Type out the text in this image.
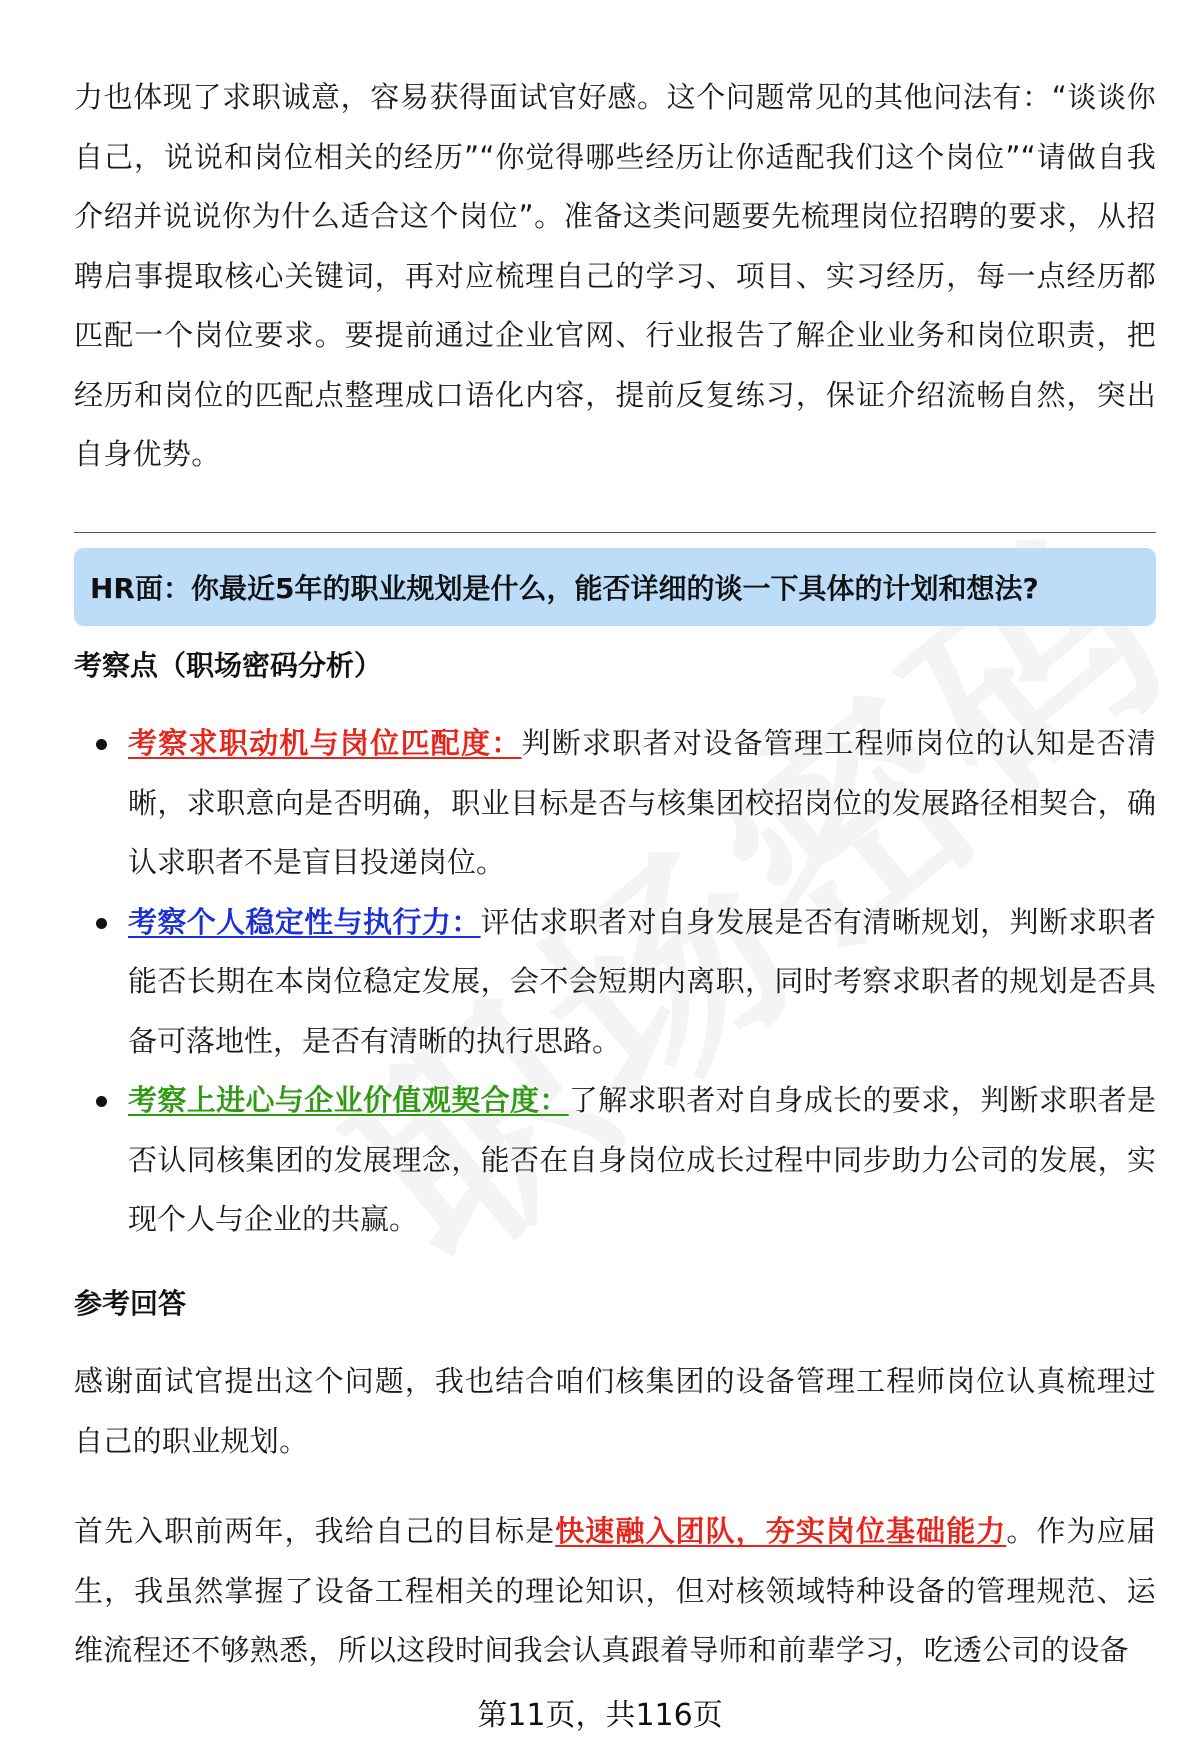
力也体现了求职诚意，容易获得面试官好感。这个问题常见的其他问法有：“谈谈你自己，说说和岗位相关的经历”“你觉得哪些经历让你适配我们这个岗位”“请做自我介绍并说说你为什么适合这个岗位”。准备这类问题要先梳理岗位招聘的要求，从招聘启事提取核心关键词，再对应梳理自己的学习、项目、实习经历，每一点经历都匹配一个岗位要求。要提前通过企业官网、行业报告了解企业业务和岗位职责，把经历和岗位的匹配点整理成口语化内容，提前反复练习，保证介绍流畅自然，突出自身优势。

HR面：你最近5年的职业规划是什么，能否详细的谈一下具体的计划和想法?

考察点（职场密码分析）

考察求职动机与岗位匹配度：判断求职者对设备管理工程师岗位的认知是否清晰，求职意向是否明确，职业目标是否与核集团校招岗位的发展路径相契合，确认求职者不是盲目投递岗位。
考察个人稳定性与执行力：评估求职者对自身发展是否有清晰规划，判断求职者能否长期在本岗位稳定发展，会不会短期内离职，同时考察求职者的规划是否具备可落地性，是否有清晰的执行思路。
考察上进心与企业价值观契合度：了解求职者对自身成长的要求，判断求职者是否认同核集团的发展理念，能否在自身岗位成长过程中同步助力公司的发展，实现个人与企业的共赢。

参考回答

感谢面试官提出这个问题，我也结合咱们核集团的设备管理工程师岗位认真梳理过自己的职业规划。

首先入职前两年，我给自己的目标是快速融入团队，夯实岗位基础能力。作为应届生，我虽然掌握了设备工程相关的理论知识，但对核领域特种设备的管理规范、运维流程还不够熟悉，所以这段时间我会认真跟着导师和前辈学习，吃透公司的设备

第11页，共116页
